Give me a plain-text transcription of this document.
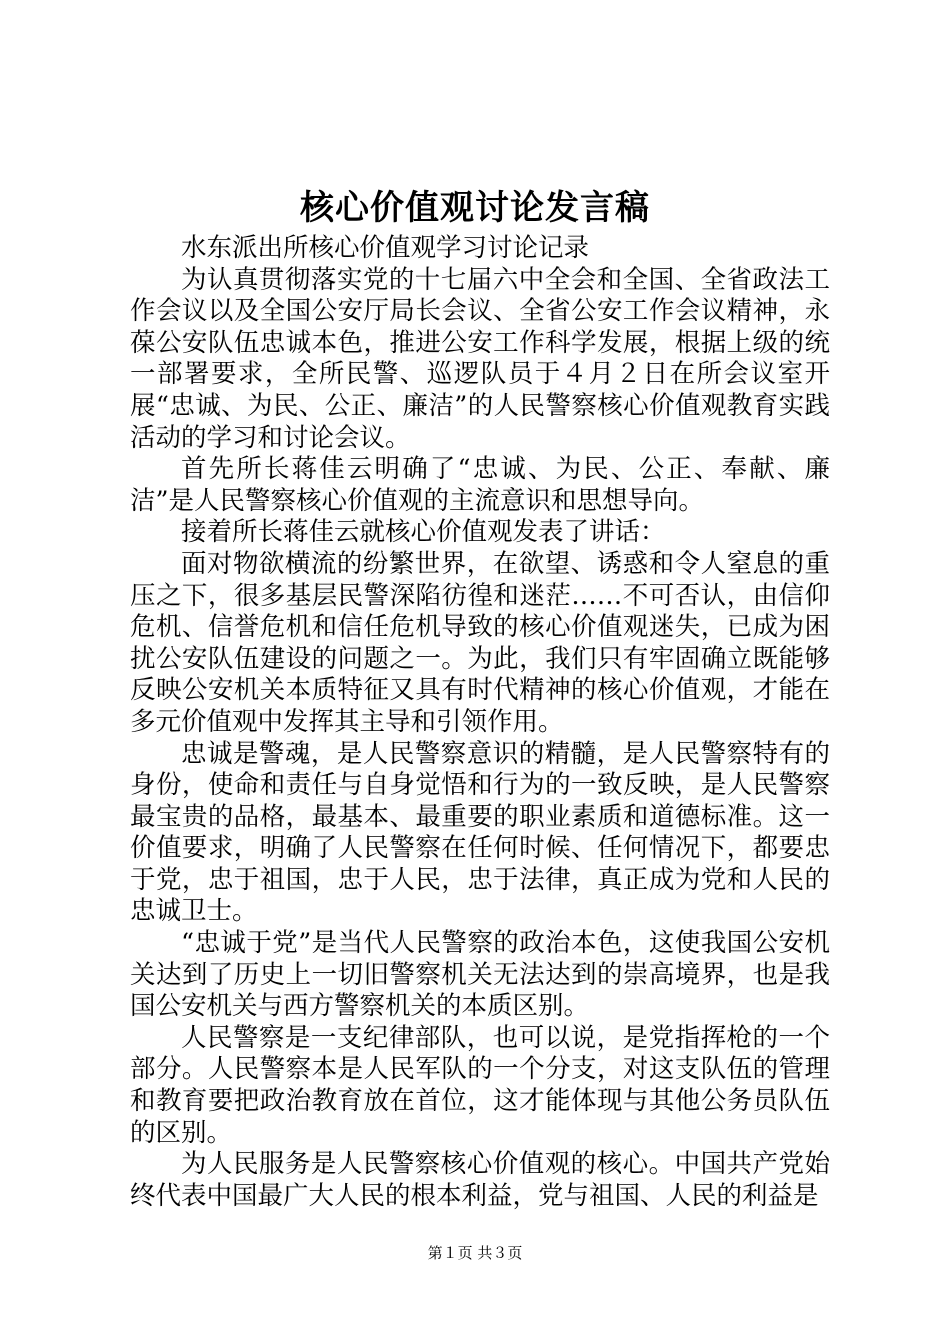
核心价值观讨论发言稿

水东派出所核心价值观学习讨论记录

为认真贯彻落实党的十七届六中全会和全国、全省政法工作会议以及全国公安厅局长会议、全省公安工作会议精神，永葆公安队伍忠诚本色，推进公安工作科学发展，根据上级的统一部署要求，全所民警、巡逻队员于４月２日在所会议室开展“忠诚、为民、公正、廉洁”的人民警察核心价值观教育实践活动的学习和讨论会议。

首先所长蒋佳云明确了“忠诚、为民、公正、奉献、廉洁”是人民警察核心价值观的主流意识和思想导向。

接着所长蒋佳云就核心价值观发表了讲话：

面对物欲横流的纷繁世界，在欲望、诱惑和令人窒息的重压之下，很多基层民警深陷彷徨和迷茫……不可否认，由信仰危机、信誉危机和信任危机导致的核心价值观迷失，已成为困扰公安队伍建设的问题之一。为此，我们只有牢固确立既能够反映公安机关本质特征又具有时代精神的核心价值观，才能在多元价值观中发挥其主导和引领作用。

忠诚是警魂，是人民警察意识的精髓，是人民警察特有的身份，使命和责任与自身觉悟和行为的一致反映，是人民警察最宝贵的品格，最基本、最重要的职业素质和道德标准。这一价值要求，明确了人民警察在任何时候、任何情况下，都要忠于党，忠于祖国，忠于人民，忠于法律，真正成为党和人民的忠诚卫士。

“忠诚于党”是当代人民警察的政治本色，这使我国公安机关达到了历史上一切旧警察机关无法达到的崇高境界，也是我国公安机关与西方警察机关的本质区别。

人民警察是一支纪律部队，也可以说，是党指挥枪的一个部分。人民警察本是人民军队的一个分支，对这支队伍的管理和教育要把政治教育放在首位，这才能体现与其他公务员队伍的区别。

为人民服务是人民警察核心价值观的核心。中国共产党始终代表中国最广大人民的根本利益，党与祖国、人民的利益是

第１页 共３页
